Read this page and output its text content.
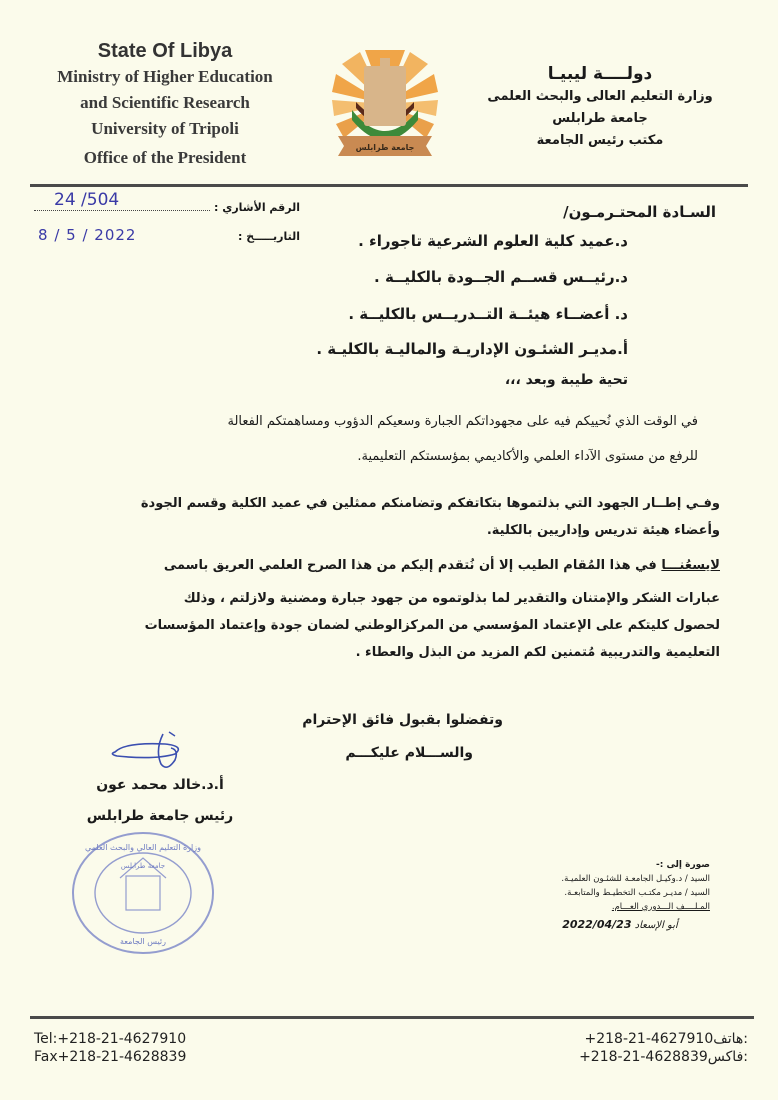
State Of Libya
Ministry of Higher Education
and Scientific Research
University of Tripoli
Office of the President
جامعة طرابلس
دولــــة ليبيـا
وزارة التعليم العالى والبحث العلمى
جامعة طرابلس
مكتب رئيس الجامعة
الرقم الأشاري :
24 /504
التاريـــــخ :
2022 / 5 / 8
السـادة المحتـرمـون/
د.عميد كلية العلوم الشرعية تاجوراء .
د.رئيــس قســم الجــودة بالكليــة .
د. أعضــاء هيئــة التــدريــس بالكليــة .
أ.مديـر الشئـون الإداريـة والماليـة بالكليـة .
تحية طيبة وبعد ،،،
في الوقت الذي نُحييكم فيه على مجهوداتكم الجبارة وسعيكم الدؤوب ومساهمتكم الفعالة
للرفع من مستوى الآداء العلمي والأكاديمي بمؤسستكم التعليمية.
وفـي إطــار الجهود التي بذلتموها بتكاتفكم وتضامنكم ممثلين في عميد الكلية وقسم الجودة
وأعضاء هيئة تدريس وإداريين بالكلية.
لايسعُنـــا في هذا المُقام الطيب إلا أن نُتقدم إليكم من هذا الصرح العلمي العريق باسمى
عبارات الشكر والإمتنان والتقدير لما بذلوتموه من جهود جبارة ومضنية ولازلتم ، وذلك
لحصول كليتكم على الإعتماد المؤسسي من المركزالوطني لضمان جودة وإعتماد المؤسسات
التعليمية والتدريبية مُتمنين لكم المزيد من البذل والعطاء .
وتفضلوا بقبول فائق الإحترام
والســـلام عليكـــم
أ.د.خالد محمد عون
رئيس جامعة طرابلس
وزارة التعليم العالي والبحث العلمي
جامعة طرابلس
رئيس الجامعة
صورة إلى :-
السيد / د.وكيـل الجامعـة للشئـون العلميـة.
السيد / مديـر مكتـب التخطيـط والمتابعـة.
المـلــــف الـــدوري العـــام.
أبو الإسعاد 2022/04/23
Tel:+218-21-4627910
Fax+218-21-4628839
+218-21-4627910هاتف:
+218-21-4628839فاكس:
